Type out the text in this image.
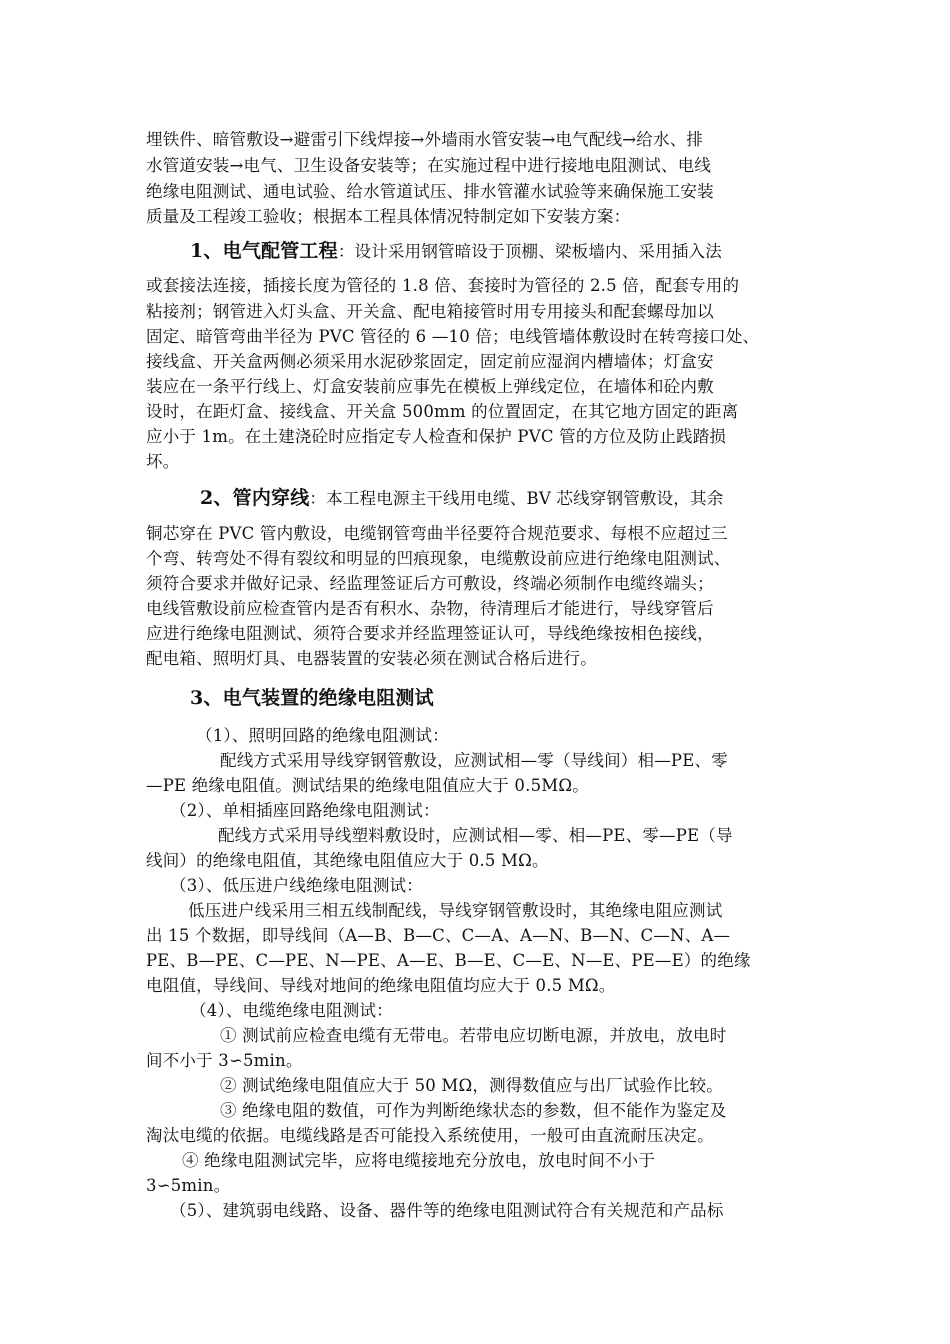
埋铁件、暗管敷设→避雷引下线焊接→外墙雨水管安装→电气配线→给水、排
水管道安装→电气、卫生设备安装等；在实施过程中进行接地电阻测试、电线
绝缘电阻测试、通电试验、给水管道试压、排水管灌水试验等来确保施工安装
质量及工程竣工验收；根据本工程具体情况特制定如下安装方案：
1、电气配管工程：设计采用钢管暗设于顶棚、梁板墙内、采用插入法
或套接法连接，插接长度为管径的 1.8 倍、套接时为管径的 2.5 倍，配套专用的
粘接剂；钢管进入灯头盒、开关盒、配电箱接管时用专用接头和配套螺母加以
固定、暗管弯曲半径为 PVC 管径的 6 —10 倍；电线管墙体敷设时在转弯接口处、
接线盒、开关盒两侧必须采用水泥砂浆固定，固定前应湿润内槽墙体；灯盒安
装应在一条平行线上、灯盒安装前应事先在模板上弹线定位，在墙体和砼内敷
设时，在距灯盒、接线盒、开关盒 500mm 的位置固定，在其它地方固定的距离
应小于 1m。在土建浇砼时应指定专人检查和保护 PVC 管的方位及防止践踏损
坏。
2、管内穿线：本工程电源主干线用电缆、BV 芯线穿钢管敷设，其余
铜芯穿在 PVC 管内敷设，电缆钢管弯曲半径要符合规范要求、每根不应超过三
个弯、转弯处不得有裂纹和明显的凹痕现象，电缆敷设前应进行绝缘电阻测试、
须符合要求并做好记录、经监理签证后方可敷设，终端必须制作电缆终端头；
电线管敷设前应检查管内是否有积水、杂物，待清理后才能进行，导线穿管后
应进行绝缘电阻测试、须符合要求并经监理签证认可，导线绝缘按相色接线，
配电箱、照明灯具、电器装置的安装必须在测试合格后进行。
3、电气装置的绝缘电阻测试
（1）、照明回路的绝缘电阻测试：
配线方式采用导线穿钢管敷设，应测试相—零（导线间）相—PE、零
—PE 绝缘电阻值。测试结果的绝缘电阻值应大于 0.5MΩ。
（2）、单相插座回路绝缘电阻测试：
配线方式采用导线塑料敷设时，应测试相—零、相—PE、零—PE（导
线间）的绝缘电阻值，其绝缘电阻值应大于 0.5 MΩ。
（3）、低压进户线绝缘电阻测试：
低压进户线采用三相五线制配线，导线穿钢管敷设时，其绝缘电阻应测试
出 15 个数据，即导线间（A—B、B—C、C—A、A—N、B—N、C—N、A—
PE、B—PE、C—PE、N—PE、A—E、B—E、C—E、N—E、PE—E）的绝缘
电阻值，导线间、导线对地间的绝缘电阻值均应大于 0.5 MΩ。
（4）、电缆绝缘电阻测试：
① 测试前应检查电缆有无带电。若带电应切断电源，并放电，放电时
间不小于 3∽5min。
② 测试绝缘电阻值应大于 50 MΩ，测得数值应与出厂试验作比较。
③ 绝缘电阻的数值，可作为判断绝缘状态的参数，但不能作为鉴定及
淘汰电缆的依据。电缆线路是否可能投入系统使用，一般可由直流耐压决定。
④ 绝缘电阻测试完毕，应将电缆接地充分放电，放电时间不小于
3∽5min。
（5）、建筑弱电线路、设备、器件等的绝缘电阻测试符合有关规范和产品标
